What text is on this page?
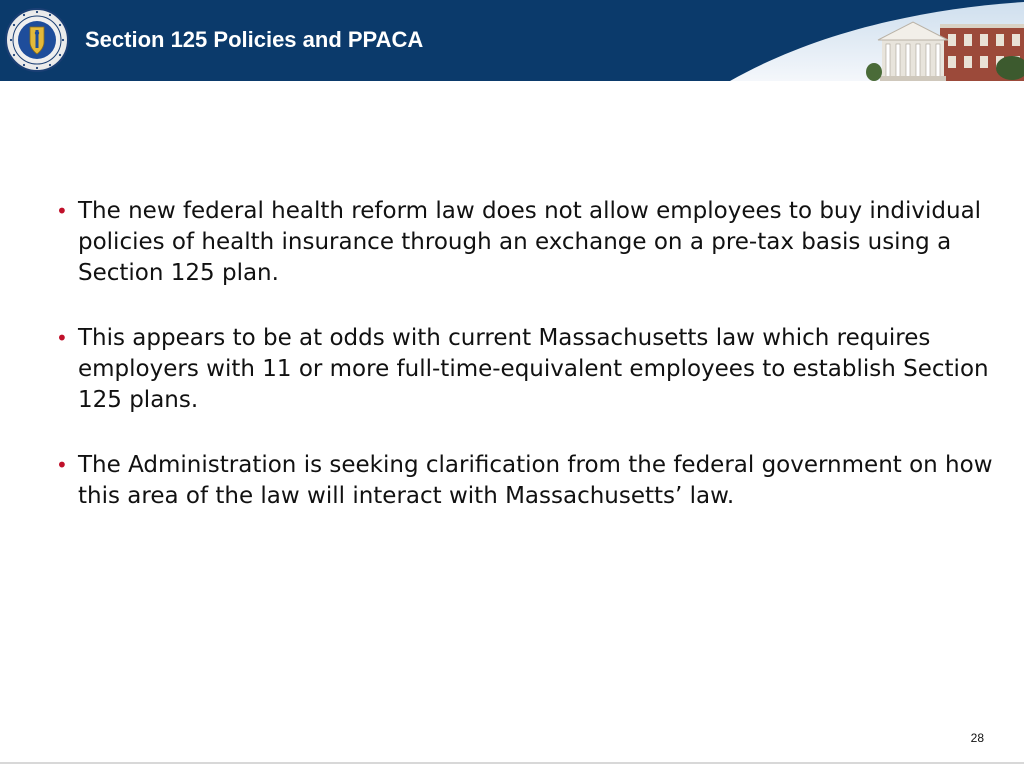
Section 125 Policies and PPACA
• The new federal health reform law does not allow employees to buy individual policies of health insurance through an exchange on a pre-tax basis using a Section 125 plan.
• This appears to be at odds with current Massachusetts law which requires employers with 11 or more full-time-equivalent employees to establish Section 125 plans.
• The Administration is seeking clarification from the federal government on how this area of the law will interact with Massachusetts’ law.
28
